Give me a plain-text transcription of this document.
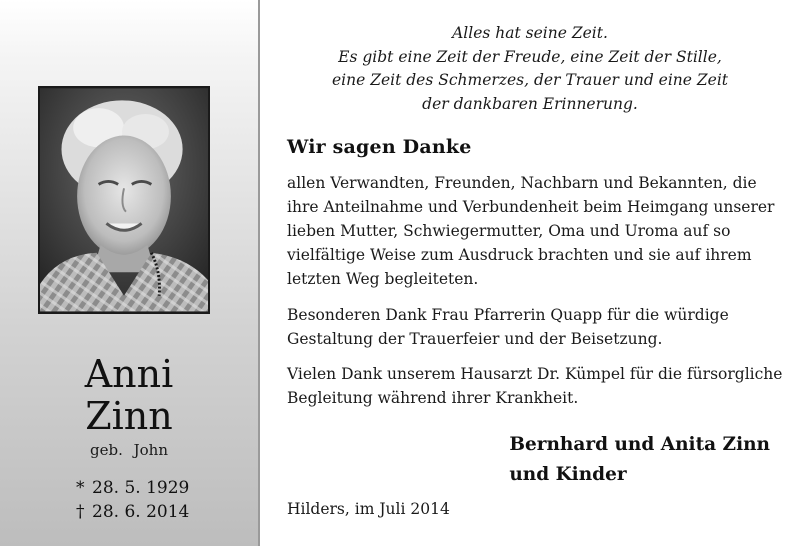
Anni
Zinn
geb. John
* 28. 5. 1929
† 28. 6. 2014
Alles hat seine Zeit.
Es gibt eine Zeit der Freude, eine Zeit der Stille,
eine Zeit des Schmerzes, der Trauer und eine Zeit
der dankbaren Erinnerung.
Wir sagen Danke
allen Verwandten, Freunden, Nachbarn und Bekannten, die
ihre Anteilnahme und Verbundenheit beim Heimgang unserer
lieben Mutter, Schwiegermutter, Oma und Uroma auf so
vielfältige Weise zum Ausdruck brachten und sie auf ihrem
letzten Weg begleiteten.
Besonderen Dank Frau Pfarrerin Quapp für die würdige
Gestaltung der Trauerfeier und der Beisetzung.
Vielen Dank unserem Hausarzt Dr. Kümpel für die fürsorgliche
Begleitung während ihrer Krankheit.
Bernhard und Anita Zinn
und Kinder
Hilders, im Juli 2014
